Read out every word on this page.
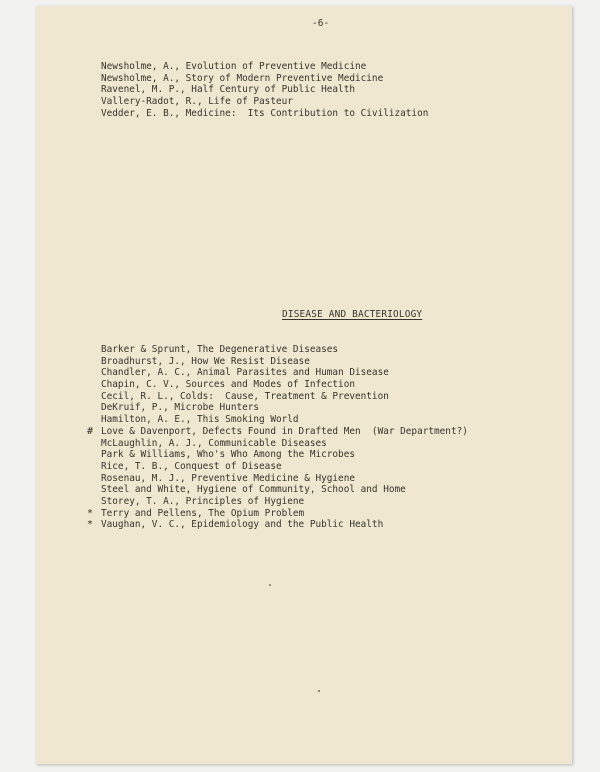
-6-
Newsholme, A., Evolution of Preventive Medicine
Newsholme, A., Story of Modern Preventive Medicine
Ravenel, M. P., Half Century of Public Health
Vallery-Radot, R., Life of Pasteur
Vedder, E. B., Medicine:  Its Contribution to Civilization
DISEASE AND BACTERIOLOGY
Barker & Sprunt, The Degenerative Diseases
Broadhurst, J., How We Resist Disease
Chandler, A. C., Animal Parasites and Human Disease
Chapin, C. V., Sources and Modes of Infection
Cecil, R. L., Colds:  Cause, Treatment & Prevention
DeKruif, P., Microbe Hunters
Hamilton, A. E., This Smoking World
# Love & Davenport, Defects Found in Drafted Men  (War Department?)
McLaughlin, A. J., Communicable Diseases
Park & Williams, Who's Who Among the Microbes
Rice, T. B., Conquest of Disease
Rosenau, M. J., Preventive Medicine & Hygiene
Steel and White, Hygiene of Community, School and Home
Storey, T. A., Principles of Hygiene
* Terry and Pellens, The Opium Problem
* Vaughan, V. C., Epidemiology and the Public Health
